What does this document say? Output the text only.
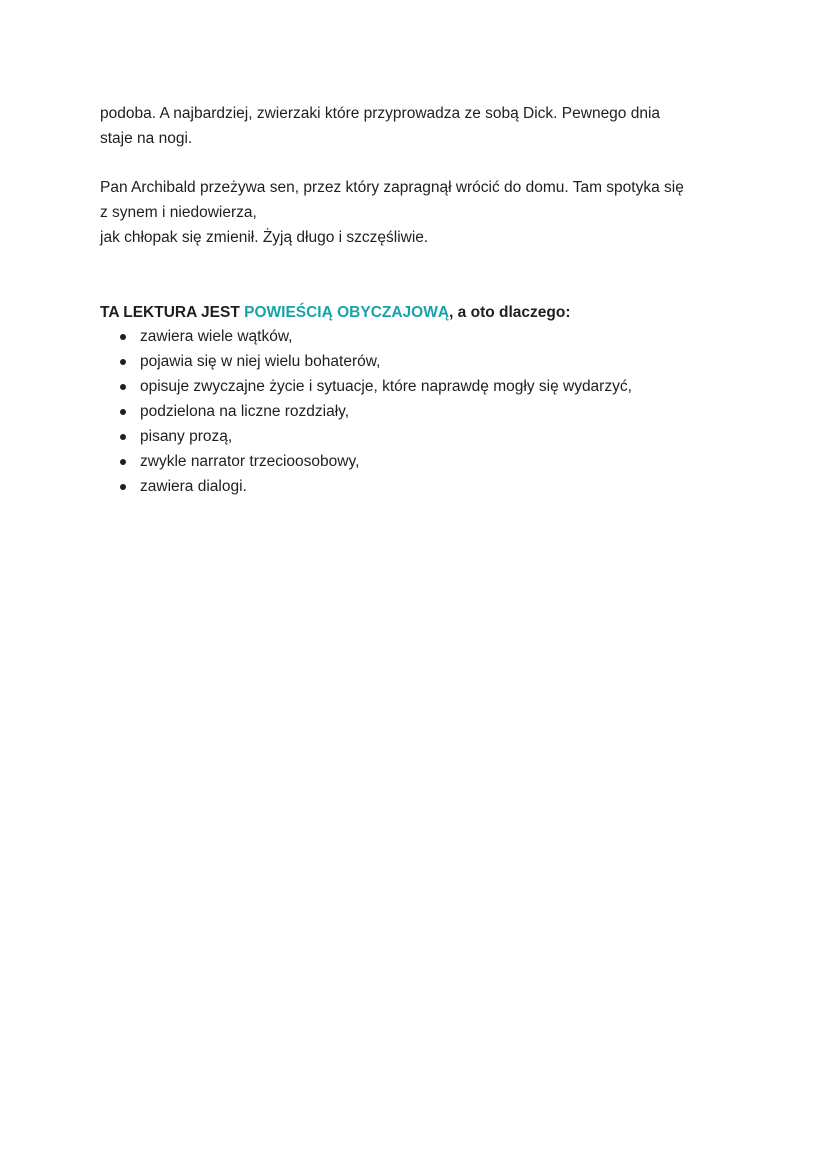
podoba. A najbardziej, zwierzaki które przyprowadza ze sobą Dick. Pewnego dnia
staje na nogi.

Pan Archibald przeżywa sen, przez który zapragnął wrócić do domu. Tam spotyka się
z synem i niedowierza,
jak chłopak się zmienił. Żyją długo i szczęśliwie.

TA LEKTURA JEST POWIEŚCIĄ OBYCZAJOWĄ, a oto dlaczego:

zawiera wiele wątków,
pojawia się w niej wielu bohaterów,
opisuje zwyczajne życie i sytuacje, które naprawdę mogły się wydarzyć,
podzielona na liczne rozdziały,
pisany prozą,
zwykle narrator trzecioosobowy,
zawiera dialogi.
